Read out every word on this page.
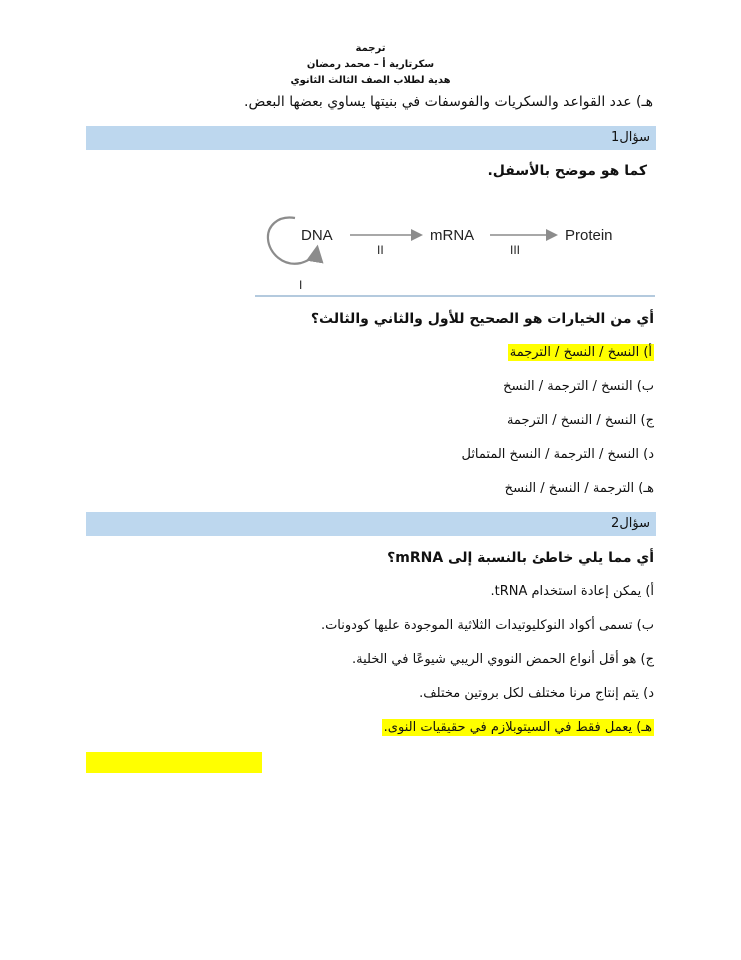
ترجمة
سكرتارية أ – محمد رمضان
هدية لطلاب الصف الثالث الثانوي
هـ) عدد القواعد والسكريات والفوسفات في بنيتها يساوي بعضها البعض.
سؤال1
كما هو موضح بالأسفل.
DNA	mRNA	Protein
I
II	III
أي من الخيارات هو الصحيح للأول والثاني والثالث؟
أ) النسخ / النسخ / الترجمة
ب) النسخ / الترجمة / النسخ
ج) النسخ / النسخ / الترجمة
د) النسخ / الترجمة / النسخ المتماثل
هـ) الترجمة / النسخ / النسخ
سؤال2
أي مما يلي خاطئ بالنسبة إلى mRNA؟
أ) يمكن إعادة استخدام tRNA.
ب) تسمى أكواد النوكليوتيدات الثلاثية الموجودة عليها كودونات.
ج) هو أقل أنواع الحمض النووي الريبي شيوعًا في الخلية.
د) يتم إنتاج مرنا مختلف لكل بروتين مختلف.
هـ) يعمل فقط في السيتوبلازم في حقيقيات النوى.
